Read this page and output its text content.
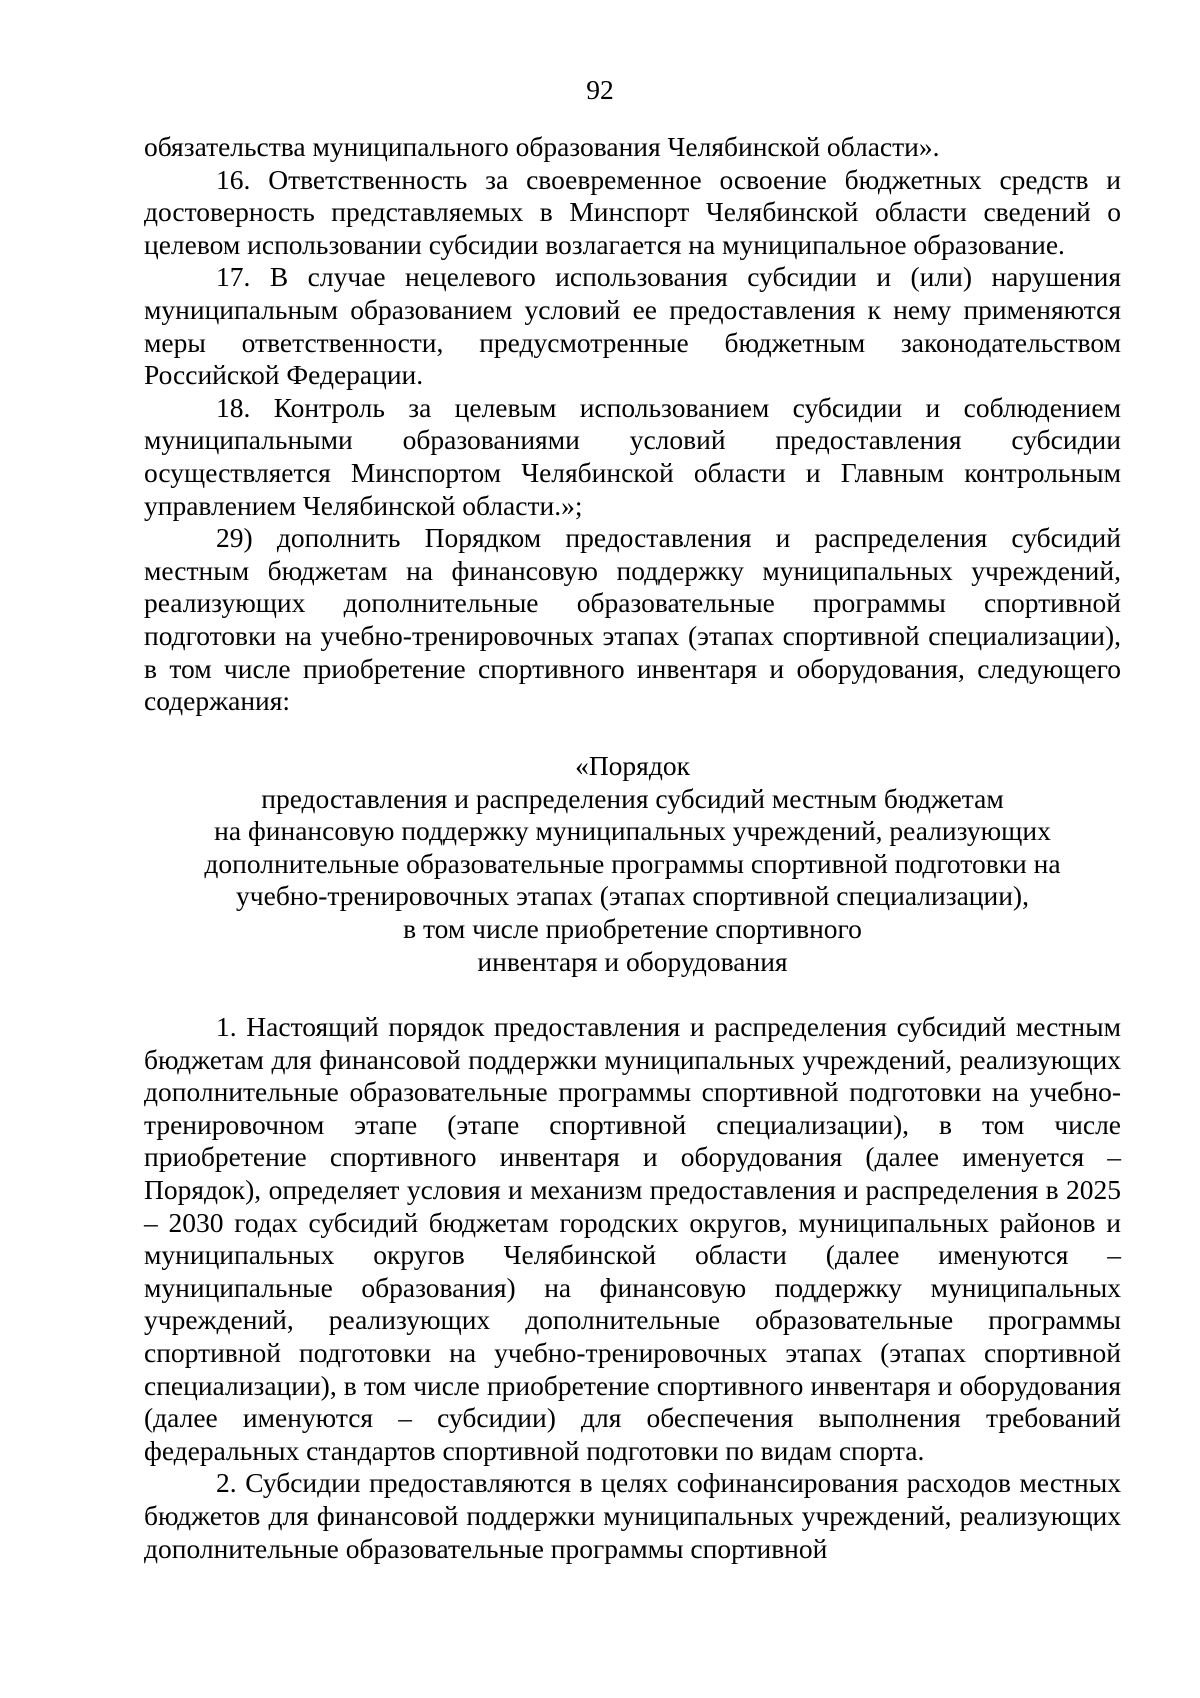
92

обязательства муниципального образования Челябинской области».

16. Ответственность за своевременное освоение бюджетных средств и достоверность представляемых в Минспорт Челябинской области сведений о целевом использовании субсидии возлагается на муниципальное образование.

17. В случае нецелевого использования субсидии и (или) нарушения муниципальным образованием условий ее предоставления к нему применяются меры ответственности, предусмотренные бюджетным законодательством Российской Федерации.

18. Контроль за целевым использованием субсидии и соблюдением муниципальными образованиями условий предоставления субсидии осуществляется Минспортом Челябинской области и Главным контрольным управлением Челябинской области.»;

29) дополнить Порядком предоставления и распределения субсидий местным бюджетам на финансовую поддержку муниципальных учреждений, реализующих дополнительные образовательные программы спортивной подготовки на учебно-тренировочных этапах (этапах спортивной специализации), в том числе приобретение спортивного инвентаря и оборудования, следующего содержания:

«Порядок
предоставления и распределения субсидий местным бюджетам
на финансовую поддержку муниципальных учреждений, реализующих
дополнительные образовательные программы спортивной подготовки на
учебно-тренировочных этапах (этапах спортивной специализации),
в том числе приобретение спортивного
инвентаря и оборудования

1. Настоящий порядок предоставления и распределения субсидий местным бюджетам для финансовой поддержки муниципальных учреждений, реализующих дополнительные образовательные программы спортивной подготовки на учебно-тренировочном этапе (этапе спортивной специализации), в том числе приобретение спортивного инвентаря и оборудования (далее именуется – Порядок), определяет условия и механизм предоставления и распределения в 2025 – 2030 годах субсидий бюджетам городских округов, муниципальных районов и муниципальных округов Челябинской области (далее именуются – муниципальные образования) на финансовую поддержку муниципальных учреждений, реализующих дополнительные образовательные программы спортивной подготовки на учебно-тренировочных этапах (этапах спортивной специализации), в том числе приобретение спортивного инвентаря и оборудования (далее именуются – субсидии) для обеспечения выполнения требований федеральных стандартов спортивной подготовки по видам спорта.

2. Субсидии предоставляются в целях софинансирования расходов местных бюджетов для финансовой поддержки муниципальных учреждений, реализующих дополнительные образовательные программы спортивной
